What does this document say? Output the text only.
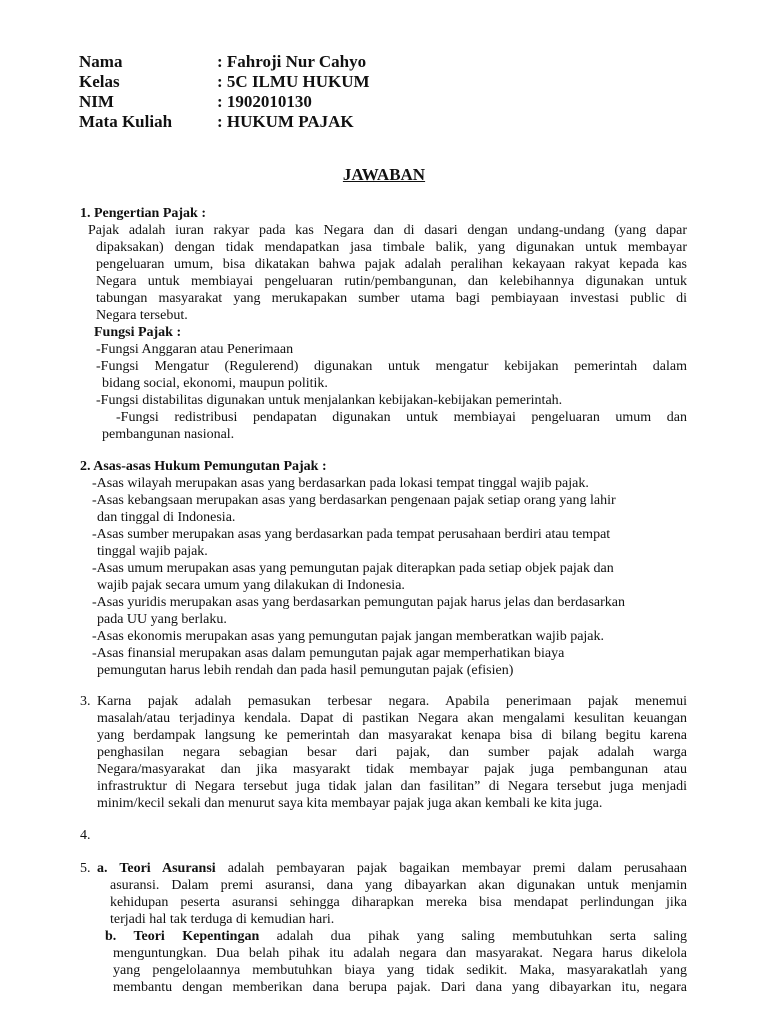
Nama	: Fahroji Nur Cahyo
Kelas	: 5C ILMU HUKUM
NIM	: 1902010130
Mata Kuliah	: HUKUM PAJAK
JAWABAN
1. Pengertian Pajak :
Pajak adalah iuran rakyar pada kas Negara dan di dasari dengan undang-undang (yang dapar
dipaksakan) dengan tidak mendapatkan jasa timbale balik, yang digunakan untuk membayar
pengeluaran umum, bisa dikatakan bahwa pajak adalah peralihan kekayaan rakyat kepada kas
Negara untuk membiayai pengeluaran rutin/pembangunan, dan kelebihannya digunakan untuk
tabungan masyarakat yang merukapakan sumber utama bagi pembiayaan investasi public di
Negara tersebut.
Fungsi Pajak :
-Fungsi Anggaran atau Penerimaan
-Fungsi Mengatur (Regulerend) digunakan untuk mengatur kebijakan pemerintah dalam
bidang social, ekonomi, maupun politik.
-Fungsi distabilitas digunakan untuk menjalankan kebijakan-kebijakan pemerintah.
-Fungsi redistribusi pendapatan digunakan untuk membiayai pengeluaran umum dan
pembangunan nasional.
2. Asas-asas Hukum Pemungutan Pajak :
-Asas wilayah merupakan asas yang berdasarkan pada lokasi tempat tinggal wajib pajak.
-Asas kebangsaan merupakan asas yang berdasarkan pengenaan pajak setiap orang yang lahir
dan tinggal di Indonesia.
-Asas sumber merupakan asas yang berdasarkan pada tempat perusahaan berdiri atau tempat
tinggal wajib pajak.
-Asas umum merupakan asas yang pemungutan pajak diterapkan pada setiap objek pajak dan
wajib pajak secara umum yang dilakukan di Indonesia.
-Asas yuridis merupakan asas yang berdasarkan pemungutan pajak harus jelas dan berdasarkan
pada UU yang berlaku.
-Asas ekonomis merupakan asas yang pemungutan pajak jangan memberatkan wajib pajak.
-Asas finansial merupakan asas dalam pemungutan pajak agar memperhatikan biaya
pemungutan harus lebih rendah dan pada hasil pemungutan pajak (efisien)
3. Karna pajak adalah pemasukan terbesar negara. Apabila penerimaan pajak menemui
masalah/atau terjadinya kendala. Dapat di pastikan Negara akan mengalami kesulitan keuangan
yang berdampak langsung ke pemerintah dan masyarakat kenapa bisa di bilang begitu karena
penghasilan negara sebagian besar dari pajak, dan sumber pajak adalah warga
Negara/masyarakat dan jika masyarakt tidak membayar pajak juga pembangunan atau
infrastruktur di Negara tersebut juga tidak jalan dan fasilitan” di Negara tersebut juga menjadi
minim/kecil sekali dan menurut saya kita membayar pajak juga akan kembali ke kita juga.
4.
5. a. Teori Asuransi adalah pembayaran pajak bagaikan membayar premi dalam perusahaan
asuransi. Dalam premi asuransi, dana yang dibayarkan akan digunakan untuk menjamin
kehidupan peserta asuransi sehingga diharapkan mereka bisa mendapat perlindungan jika
terjadi hal tak terduga di kemudian hari.
b. Teori Kepentingan adalah dua pihak yang saling membutuhkan serta saling
menguntungkan. Dua belah pihak itu adalah negara dan masyarakat. Negara harus dikelola
yang pengelolaannya membutuhkan biaya yang tidak sedikit. Maka, masyarakatlah yang
membantu dengan memberikan dana berupa pajak. Dari dana yang dibayarkan itu, negara
